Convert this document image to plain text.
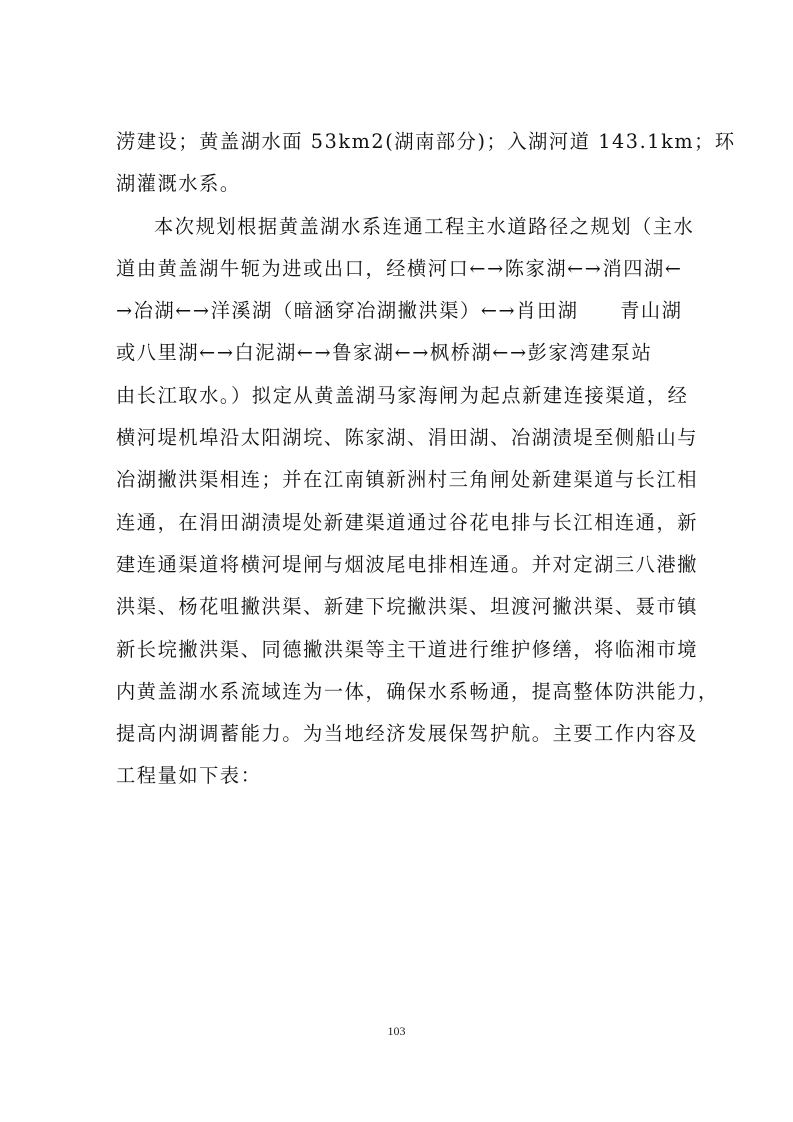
涝建设；黄盖湖水面 53km2(湖南部分)；入湖河道 143.1km；环
湖灌溉水系。
本次规划根据黄盖湖水系连通工程主水道路径之规划（主水
道由黄盖湖牛轭为进或出口，经横河口←→陈家湖←→消四湖←
→冶湖←→洋溪湖（暗涵穿冶湖撇洪渠）←→肖田湖　　青山湖
或八里湖←→白泥湖←→鲁家湖←→枫桥湖←→彭家湾建泵站
由长江取水。）拟定从黄盖湖马家海闸为起点新建连接渠道，经
横河堤机埠沿太阳湖垸、陈家湖、涓田湖、冶湖渍堤至侧船山与
冶湖撇洪渠相连；并在江南镇新洲村三角闸处新建渠道与长江相
连通，在涓田湖渍堤处新建渠道通过谷花电排与长江相连通，新
建连通渠道将横河堤闸与烟波尾电排相连通。并对定湖三八港撇
洪渠、杨花咀撇洪渠、新建下垸撇洪渠、坦渡河撇洪渠、聂市镇
新长垸撇洪渠、同德撇洪渠等主干道进行维护修缮，将临湘市境
内黄盖湖水系流域连为一体，确保水系畅通，提高整体防洪能力，
提高内湖调蓄能力。为当地经济发展保驾护航。主要工作内容及
工程量如下表：
103
